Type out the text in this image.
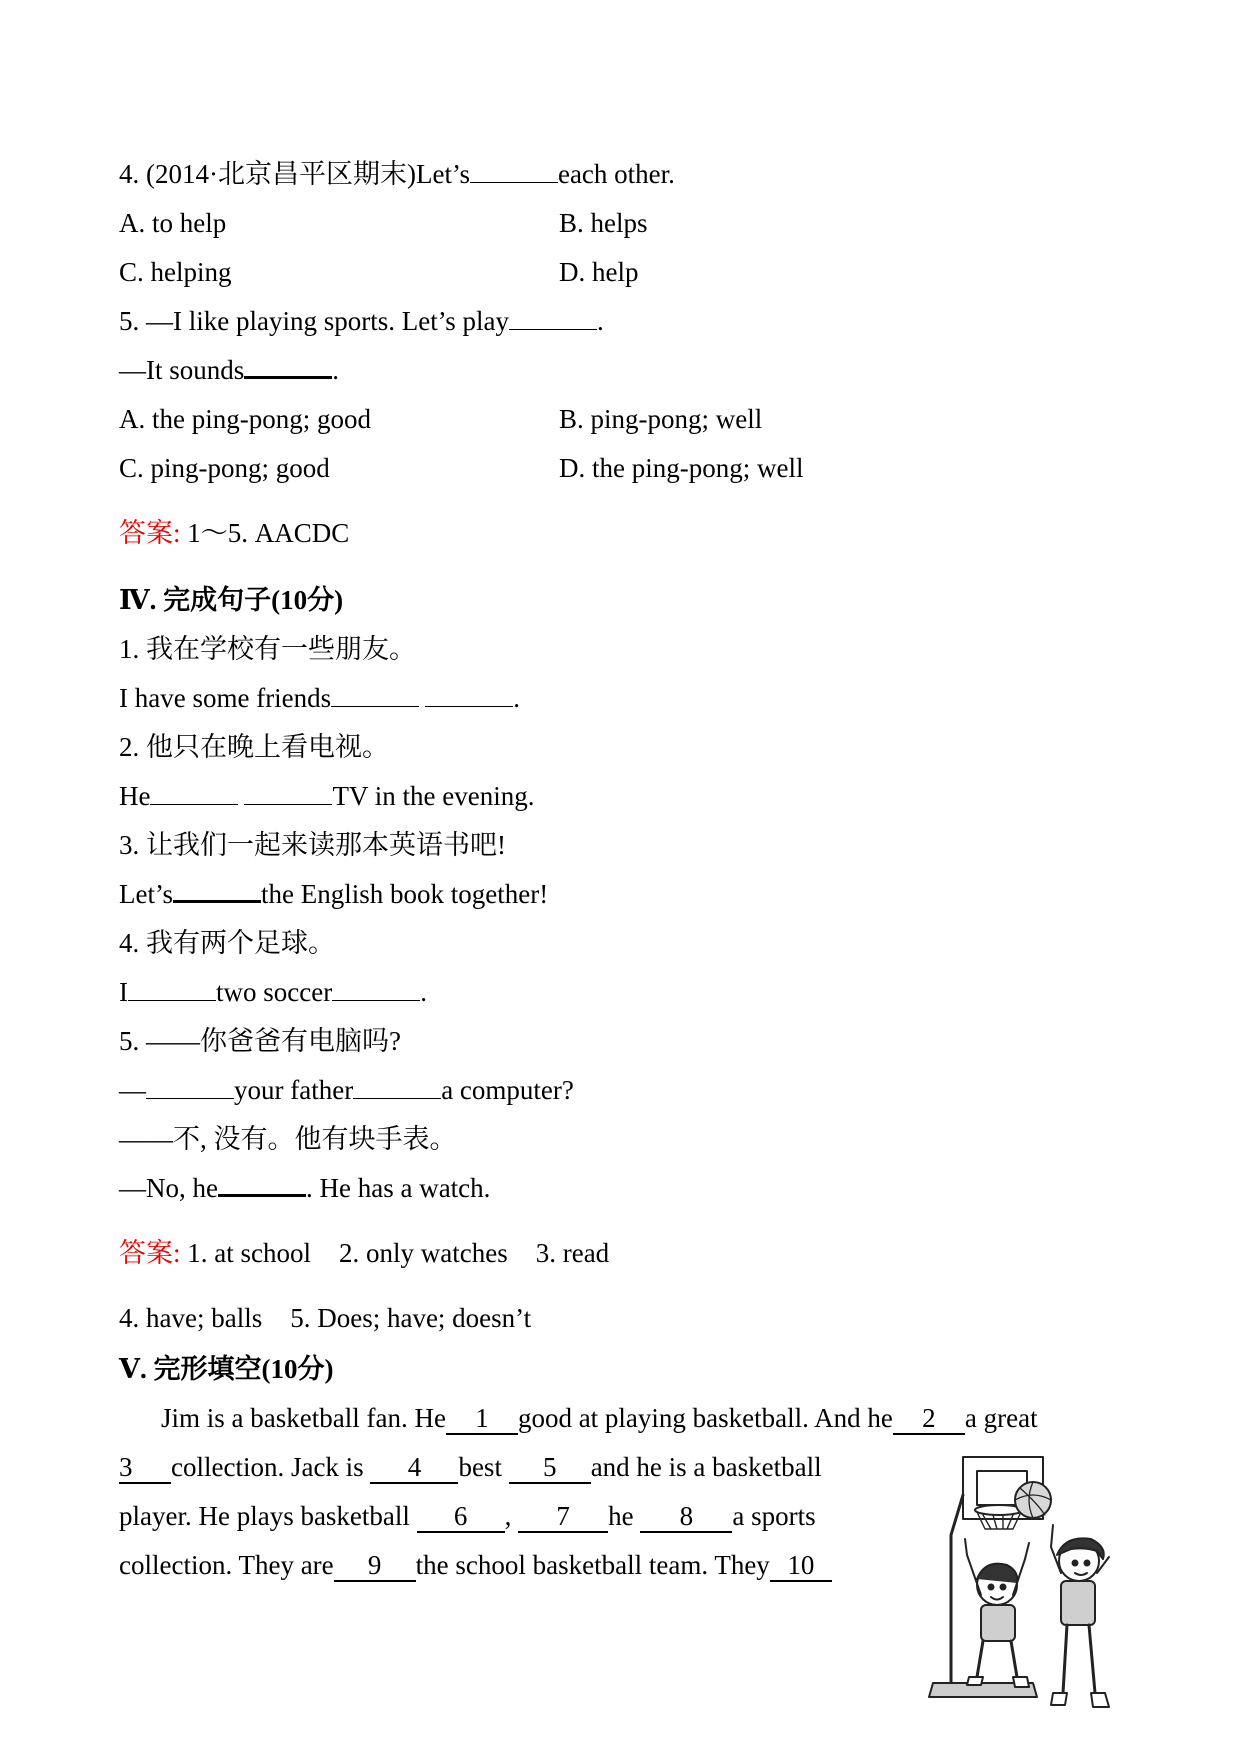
4. (2014·北京昌平区期末)Let’s	each other.
A. to help	B. helps
C. helping	D. help
5. —I like playing sports. Let’s play	.
—It sounds	.
A. the ping-pong; good	B. ping-pong; well
C. ping-pong; good	D. the ping-pong; well
答案: 1～5. AACDC
Ⅳ. 完成句子(10分)
1. 我在学校有一些朋友。
I have some friends	.
2. 他只在晚上看电视。
He	TV in the evening.
3. 让我们一起来读那本英语书吧!
Let’s	the English book together!
4. 我有两个足球。
I	two soccer	.
5. ——你爸爸有电脑吗?
—	your father	a computer?
——不, 没有。他有块手表。
—No, he	. He has a watch.
答案: 1. at school 2. only watches 3. read
4. have; balls 5. Does; have; doesn’t
Ⅴ. 完形填空(10分)
Jim is a basketball fan. He 1 good at playing basketball. And he 2 a great
3 collection. Jack is 4 best 5 and he is a basketball
player. He plays basketball 6 , 7 he 8 a sports
collection. They are 9 the school basketball team. They 10
